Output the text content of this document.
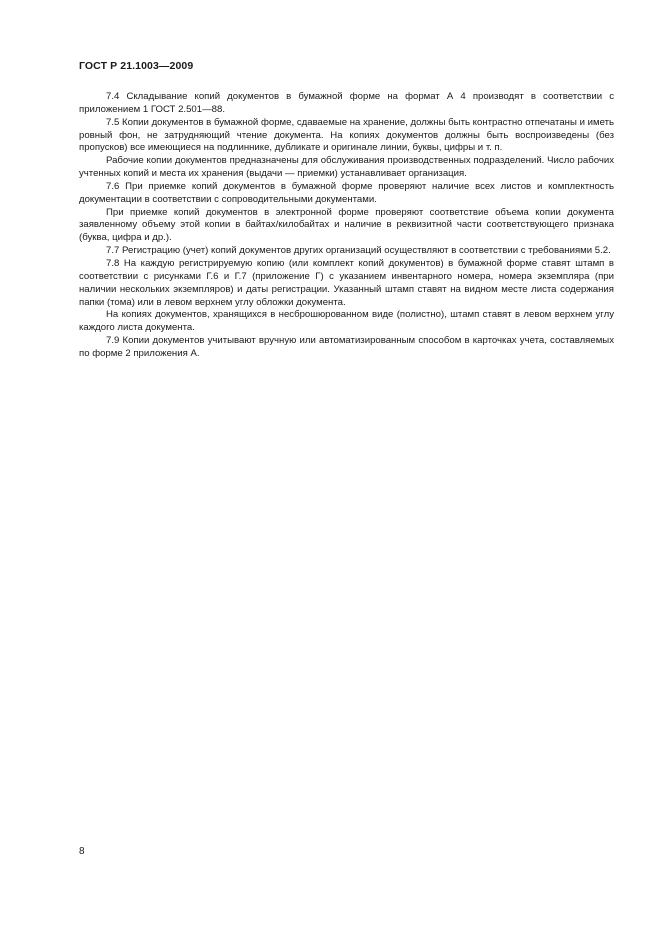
ГОСТ Р 21.1003—2009

7.4 Складывание копий документов в бумажной форме на формат А 4 производят в соответствии с приложением 1 ГОСТ 2.501—88.

7.5 Копии документов в бумажной форме, сдаваемые на хранение, должны быть контрастно отпечатаны и иметь ровный фон, не затрудняющий чтение документа. На копиях документов должны быть воспроизведены (без пропусков) все имеющиеся на подлиннике, дубликате и оригинале линии, буквы, цифры и т. п.

Рабочие копии документов предназначены для обслуживания производственных подразделений. Число рабочих учтенных копий и места их хранения (выдачи — приемки) устанавливает организация.

7.6 При приемке копий документов в бумажной форме проверяют наличие всех листов и комплектность документации в соответствии с сопроводительными документами.

При приемке копий документов в электронной форме проверяют соответствие объема копии документа заявленному объему этой копии в байтах/килобайтах и наличие в реквизитной части соответствующего признака (буква, цифра и др.).

7.7 Регистрацию (учет) копий документов других организаций осуществляют в соответствии с требованиями 5.2.

7.8 На каждую регистрируемую копию (или комплект копий документов) в бумажной форме ставят штамп в соответствии с рисунками Г.6 и Г.7 (приложение Г) с указанием инвентарного номера, номера экземпляра (при наличии нескольких экземпляров) и даты регистрации. Указанный штамп ставят на видном месте листа содержания папки (тома) или в левом верхнем углу обложки документа.

На копиях документов, хранящихся в несброшюрованном виде (полистно), штамп ставят в левом верхнем углу каждого листа документа.

7.9 Копии документов учитывают вручную или автоматизированным способом в карточках учета, составляемых по форме 2 приложения А.

8
